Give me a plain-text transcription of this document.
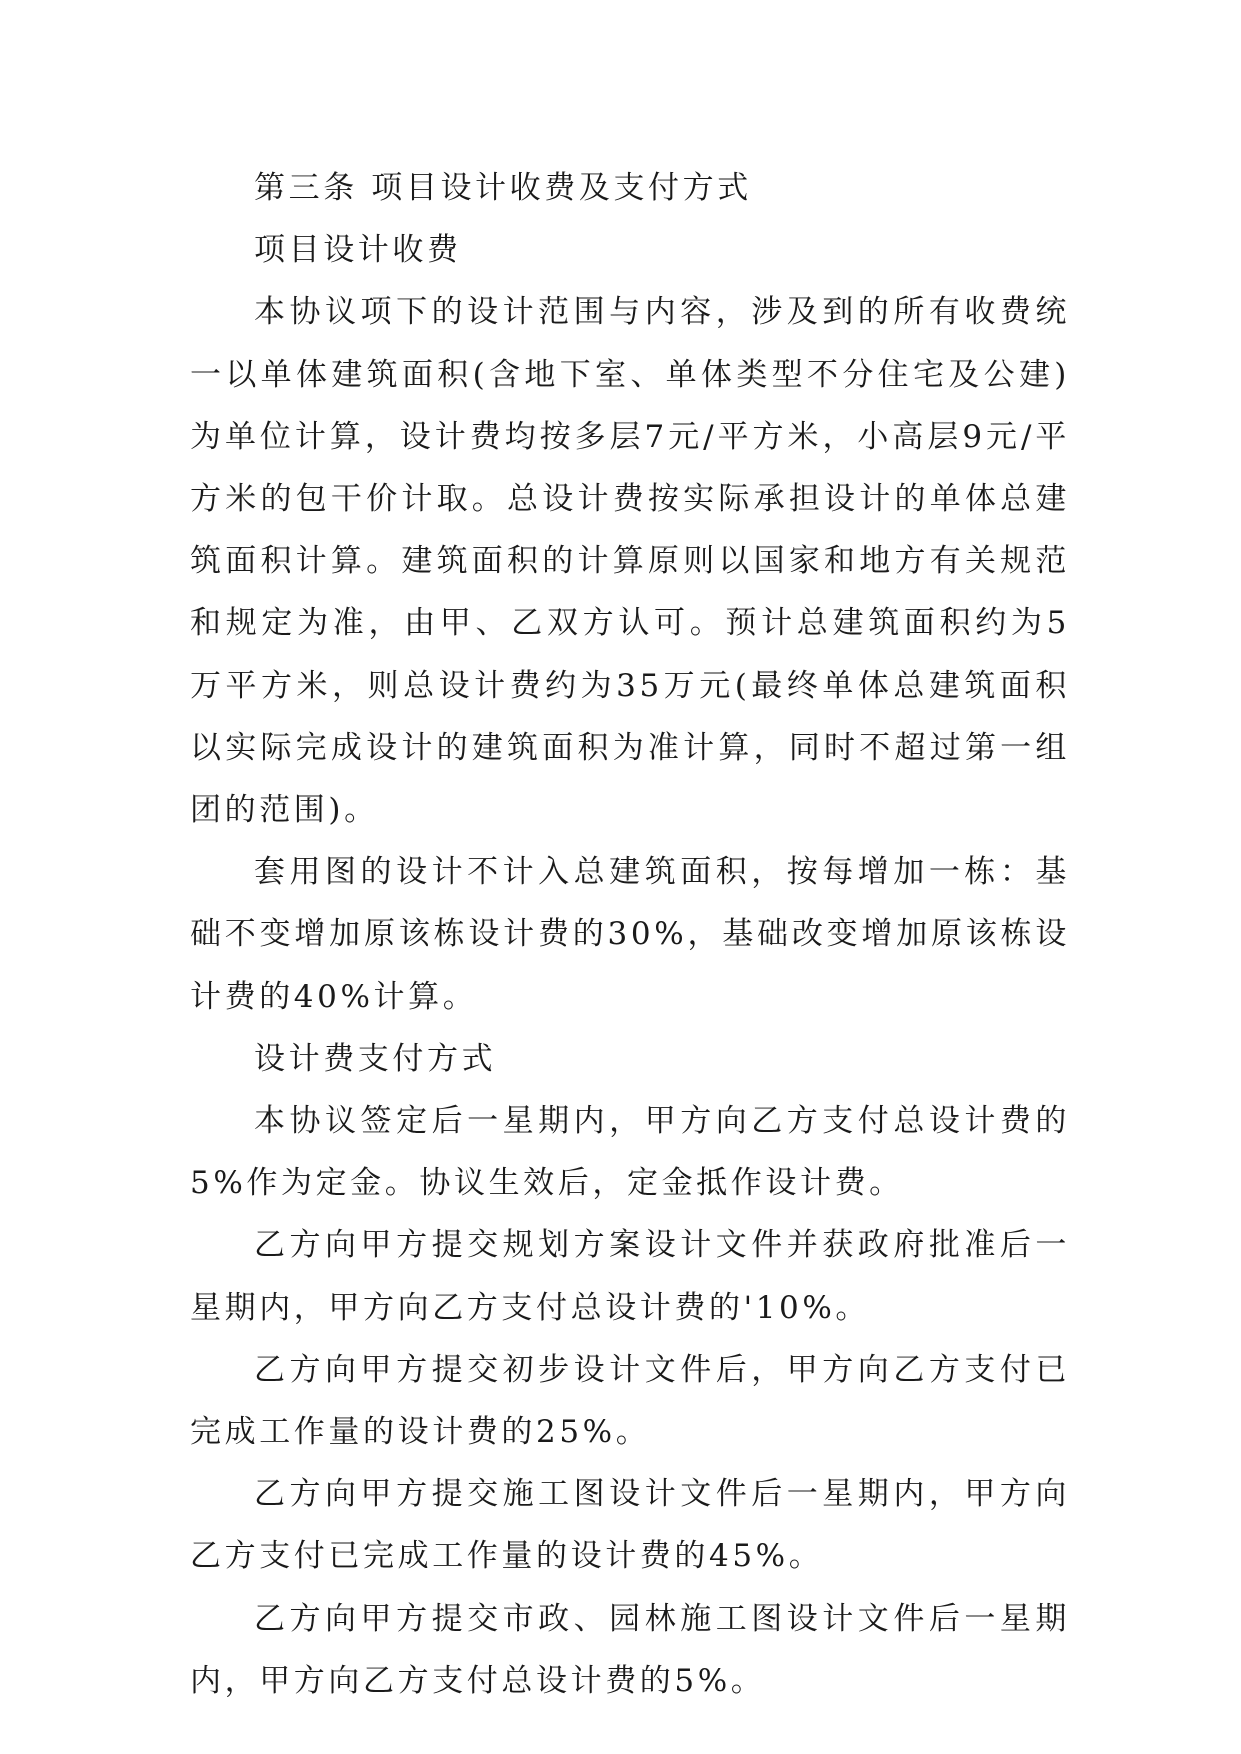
第三条 项目设计收费及支付方式

项目设计收费

本协议项下的设计范围与内容，涉及到的所有收费统一以单体建筑面积(含地下室、单体类型不分住宅及公建)为单位计算，设计费均按多层7元/平方米，小高层9元/平方米的包干价计取。总设计费按实际承担设计的单体总建筑面积计算。建筑面积的计算原则以国家和地方有关规范和规定为准，由甲、乙双方认可。预计总建筑面积约为5万平方米，则总设计费约为35万元(最终单体总建筑面积以实际完成设计的建筑面积为准计算，同时不超过第一组团的范围)。

套用图的设计不计入总建筑面积，按每增加一栋：基础不变增加原该栋设计费的30%，基础改变增加原该栋设计费的40%计算。

设计费支付方式

本协议签定后一星期内，甲方向乙方支付总设计费的5%作为定金。协议生效后，定金抵作设计费。

乙方向甲方提交规划方案设计文件并获政府批准后一星期内，甲方向乙方支付总设计费的'10%。

乙方向甲方提交初步设计文件后，甲方向乙方支付已完成工作量的设计费的25%。

乙方向甲方提交施工图设计文件后一星期内，甲方向乙方支付已完成工作量的设计费的45%。

乙方向甲方提交市政、园林施工图设计文件后一星期内，甲方向乙方支付总设计费的5%。
